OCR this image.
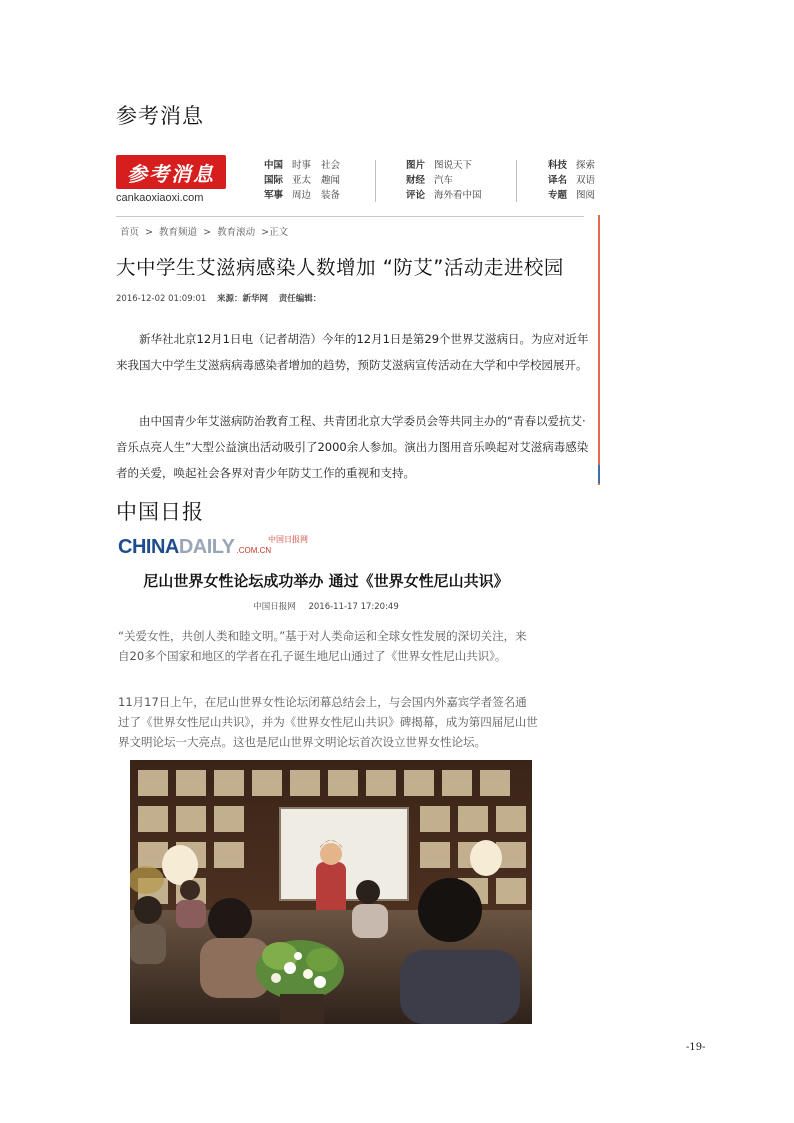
参考消息
参考消息
cankaoxiaoxi.com
中国 时事 社会
国际 亚太 趣闻
军事 周边 装备
图片 图说天下
财经 汽车
评论 海外看中国
科技 探索
译名 双语
专题 图阅
首页 > 教育频道 > 教育滚动 >正文
大中学生艾滋病感染人数增加 “防艾”活动走进校园
2016-12-02 01:09:01 来源：新华网 责任编辑：
新华社北京12月1日电（记者胡浩）今年的12月1日是第29个世界艾滋病日。为应对近年来我国大中学生艾滋病病毒感染者增加的趋势，预防艾滋病宣传活动在大学和中学校园展开。
由中国青少年艾滋病防治教育工程、共青团北京大学委员会等共同主办的“青春以爱抗艾·音乐点亮人生”大型公益演出活动吸引了2000余人参加。演出力图用音乐唤起对艾滋病毒感染者的关爱，唤起社会各界对青少年防艾工作的重视和支持。
中国日报
CHINADAILY .COM.CN
中国日报网
尼山世界女性论坛成功举办 通过《世界女性尼山共识》
中国日报网 2016-11-17 17:20:49
“关爱女性，共创人类和睦文明。”基于对人类命运和全球女性发展的深切关注，来自20多个国家和地区的学者在孔子诞生地尼山通过了《世界女性尼山共识》。
11月17日上午，在尼山世界女性论坛闭幕总结会上，与会国内外嘉宾学者签名通过了《世界女性尼山共识》，并为《世界女性尼山共识》碑揭幕，成为第四届尼山世界文明论坛一大亮点。这也是尼山世界文明论坛首次设立世界女性论坛。
-19-
